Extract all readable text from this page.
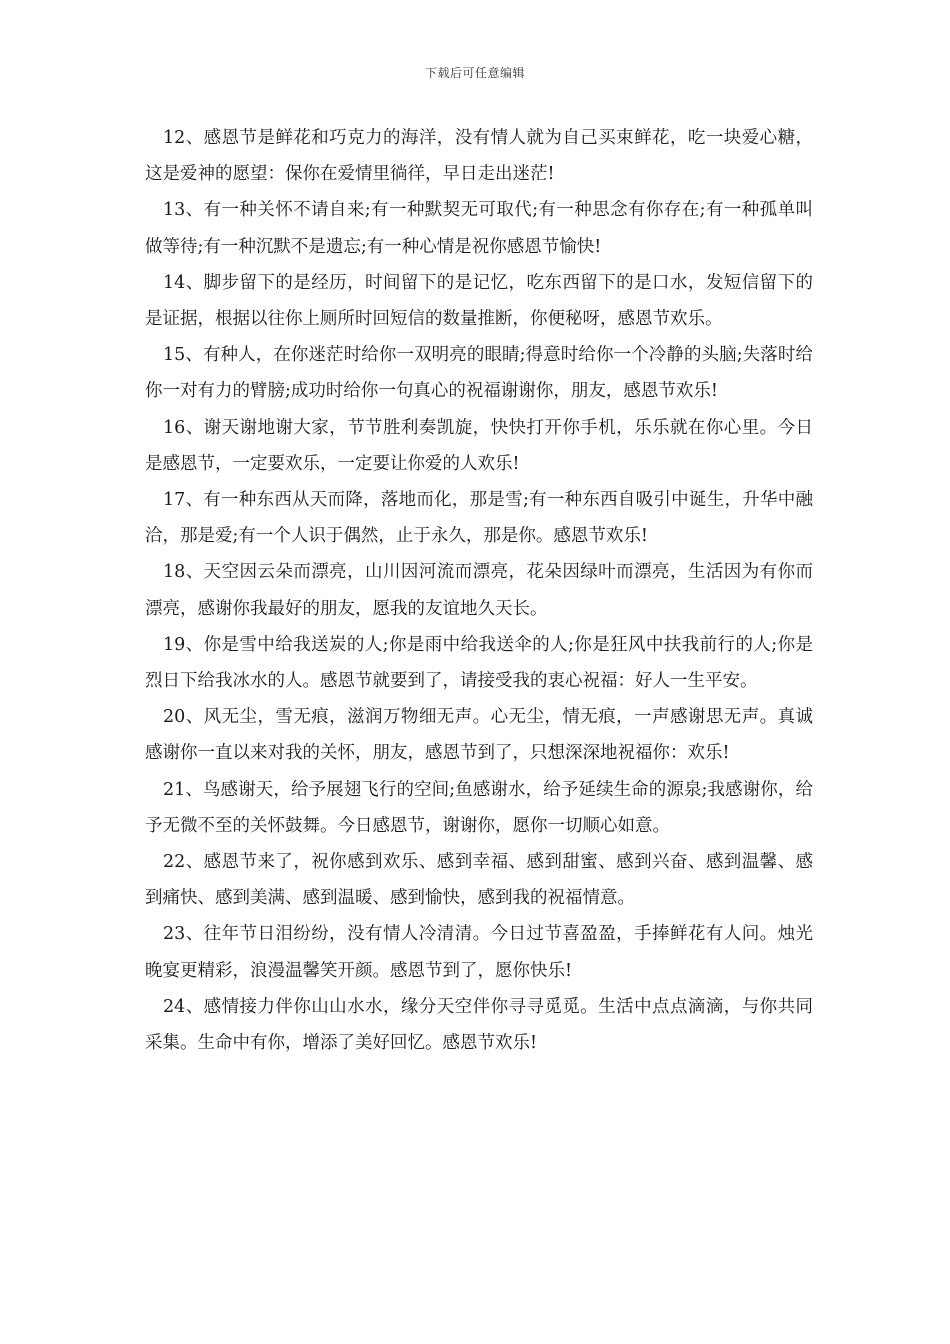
下载后可任意编辑

12、感恩节是鲜花和巧克力的海洋，没有情人就为自己买束鲜花，吃一块爱心糖，这是爱神的愿望：保你在爱情里徜徉，早日走出迷茫!

13、有一种关怀不请自来;有一种默契无可取代;有一种思念有你存在;有一种孤单叫做等待;有一种沉默不是遗忘;有一种心情是祝你感恩节愉快!

14、脚步留下的是经历，时间留下的是记忆，吃东西留下的是口水，发短信留下的是证据，根据以往你上厕所时回短信的数量推断，你便秘呀，感恩节欢乐。

15、有种人，在你迷茫时给你一双明亮的眼睛;得意时给你一个冷静的头脑;失落时给你一对有力的臂膀;成功时给你一句真心的祝福谢谢你，朋友，感恩节欢乐!

16、谢天谢地谢大家，节节胜利奏凯旋，快快打开你手机，乐乐就在你心里。今日是感恩节，一定要欢乐，一定要让你爱的人欢乐!

17、有一种东西从天而降，落地而化，那是雪;有一种东西自吸引中诞生，升华中融洽，那是爱;有一个人识于偶然，止于永久，那是你。感恩节欢乐!

18、天空因云朵而漂亮，山川因河流而漂亮，花朵因绿叶而漂亮，生活因为有你而漂亮，感谢你我最好的朋友，愿我的友谊地久天长。

19、你是雪中给我送炭的人;你是雨中给我送伞的人;你是狂风中扶我前行的人;你是烈日下给我冰水的人。感恩节就要到了，请接受我的衷心祝福：好人一生平安。

20、风无尘，雪无痕，滋润万物细无声。心无尘，情无痕，一声感谢思无声。真诚感谢你一直以来对我的关怀，朋友，感恩节到了，只想深深地祝福你：欢乐!

21、鸟感谢天，给予展翅飞行的空间;鱼感谢水，给予延续生命的源泉;我感谢你，给予无微不至的关怀鼓舞。今日感恩节，谢谢你，愿你一切顺心如意。

22、感恩节来了，祝你感到欢乐、感到幸福、感到甜蜜、感到兴奋、感到温馨、感到痛快、感到美满、感到温暖、感到愉快，感到我的祝福情意。

23、往年节日泪纷纷，没有情人冷清清。今日过节喜盈盈，手捧鲜花有人问。烛光晚宴更精彩，浪漫温馨笑开颜。感恩节到了，愿你快乐!

24、感情接力伴你山山水水，缘分天空伴你寻寻觅觅。生活中点点滴滴，与你共同采集。生命中有你，增添了美好回忆。感恩节欢乐!
